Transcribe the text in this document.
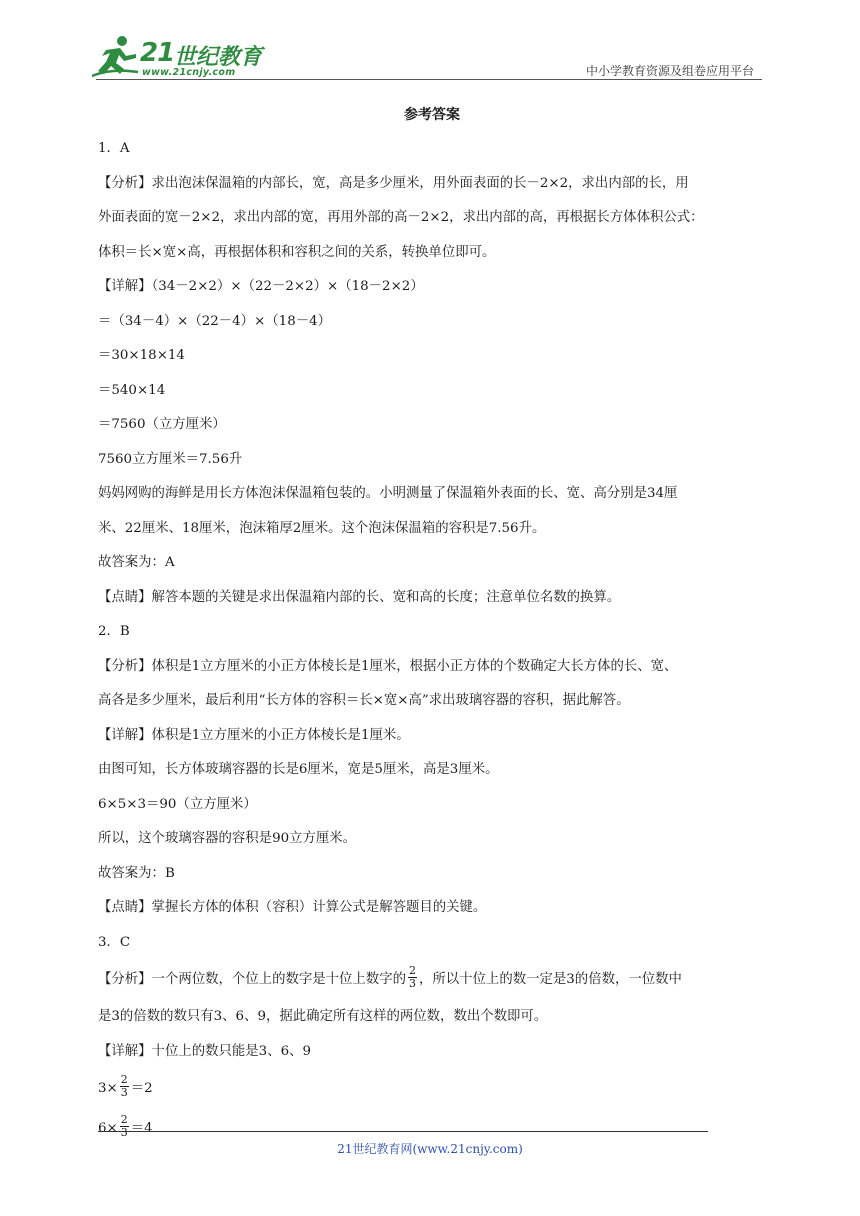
21 世纪教育
www.21cnjy.com	中小学教育资源及组卷应用平台
参考答案
1．A
【分析】求出泡沫保温箱的内部长，宽，高是多少厘米，用外面表面的长－2×2，求出内部的长，用
外面表面的宽－2×2，求出内部的宽，再用外部的高－2×2，求出内部的高，再根据长方体体积公式：
体积＝长×宽×高，再根据体积和容积之间的关系，转换单位即可。
【详解】（34－2×2）×（22－2×2）×（18－2×2）
＝（34－4）×（22－4）×（18－4）
＝30×18×14
＝540×14
＝7560（立方厘米）
7560立方厘米＝7.56升
妈妈网购的海鲜是用长方体泡沫保温箱包装的。小明测量了保温箱外表面的长、宽、高分别是34厘
米、22厘米、18厘米，泡沫箱厚2厘米。这个泡沫保温箱的容积是7.56升。
故答案为：A
【点睛】解答本题的关键是求出保温箱内部的长、宽和高的长度；注意单位名数的换算。
2．B
【分析】体积是1立方厘米的小正方体棱长是1厘米，根据小正方体的个数确定大长方体的长、宽、
高各是多少厘米，最后利用“长方体的容积＝长×宽×高”求出玻璃容器的容积，据此解答。
【详解】体积是1立方厘米的小正方体棱长是1厘米。
由图可知，长方体玻璃容器的长是6厘米，宽是5厘米，高是3厘米。
6×5×3＝90（立方厘米）
所以，这个玻璃容器的容积是90立方厘米。
故答案为：B
【点睛】掌握长方体的体积（容积）计算公式是解答题目的关键。
3．C
【分析】一个两位数，个位上的数字是十位上数字的 $\frac{2}{3}$ ，所以十位上的数一定是3的倍数，一位数中
是3的倍数的数只有3、6、9，据此确定所有这样的两位数，数出个数即可。
【详解】十位上的数只能是3、6、9
$3\times \frac{2}{3} =2$
$6\times \frac{2}{3} =4$
21世纪教育网(www.21cnjy.com)
